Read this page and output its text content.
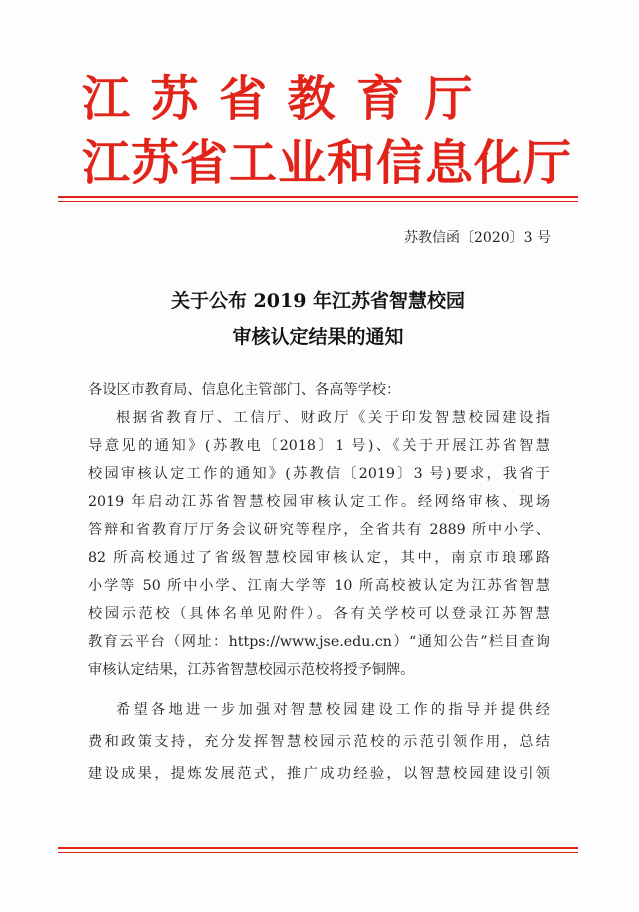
江苏省教育厅
江苏省工业和信息化厅
苏教信函〔2020〕3 号
关于公布 2019 年江苏省智慧校园
审核认定结果的通知
各设区市教育局、信息化主管部门、各高等学校：
根据省教育厅、工信厅、财政厅《关于印发智慧校园建设指
导意见的通知》(苏教电〔2018〕1 号)、《关于开展江苏省智慧
校园审核认定工作的通知》(苏教信〔2019〕3 号)要求，我省于
2019 年启动江苏省智慧校园审核认定工作。经网络审核、现场
答辩和省教育厅厅务会议研究等程序，全省共有 2889 所中小学、
82 所高校通过了省级智慧校园审核认定，其中，南京市琅琊路
小学等 50 所中小学、江南大学等 10 所高校被认定为江苏省智慧
校园示范校（具体名单见附件）。各有关学校可以登录江苏智慧
教育云平台（网址：https://www.jse.edu.cn）“通知公告”栏目查询
审核认定结果，江苏省智慧校园示范校将授予铜牌。
希望各地进一步加强对智慧校园建设工作的指导并提供经
费和政策支持，充分发挥智慧校园示范校的示范引领作用，总结
建设成果，提炼发展范式，推广成功经验，以智慧校园建设引领
